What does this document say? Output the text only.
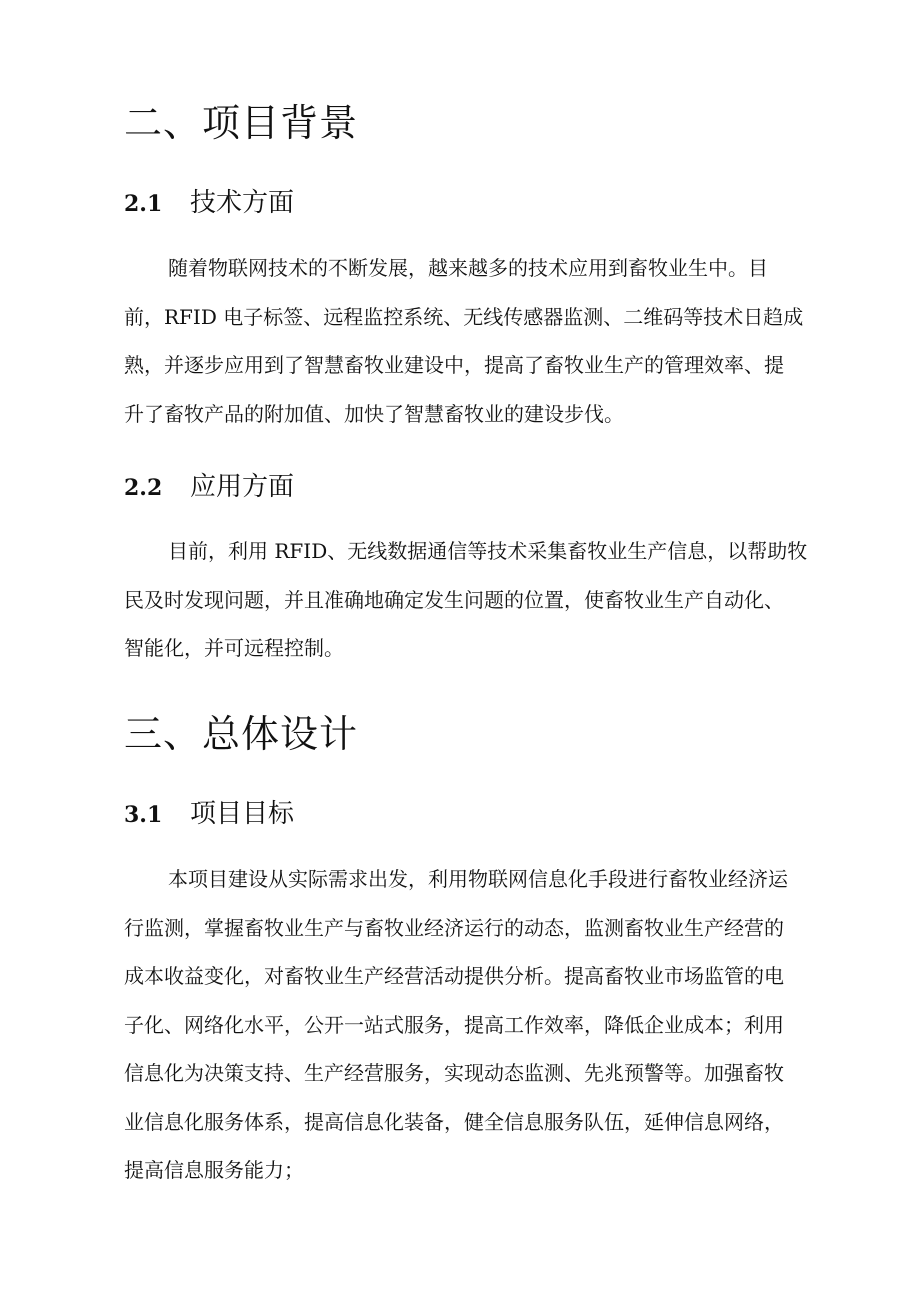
二、项目背景
2.1 技术方面
随着物联网技术的不断发展，越来越多的技术应用到畜牧业生中。目
前，RFID 电子标签、远程监控系统、无线传感器监测、二维码等技术日趋成
熟，并逐步应用到了智慧畜牧业建设中，提高了畜牧业生产的管理效率、提
升了畜牧产品的附加值、加快了智慧畜牧业的建设步伐。
2.2 应用方面
目前，利用 RFID、无线数据通信等技术采集畜牧业生产信息，以帮助牧
民及时发现问题，并且准确地确定发生问题的位置，使畜牧业生产自动化、
智能化，并可远程控制。
三、总体设计
3.1 项目目标
本项目建设从实际需求出发，利用物联网信息化手段进行畜牧业经济运
行监测，掌握畜牧业生产与畜牧业经济运行的动态，监测畜牧业生产经营的
成本收益变化，对畜牧业生产经营活动提供分析。提高畜牧业市场监管的电
子化、网络化水平，公开一站式服务，提高工作效率，降低企业成本；利用
信息化为决策支持、生产经营服务，实现动态监测、先兆预警等。加强畜牧
业信息化服务体系，提高信息化装备，健全信息服务队伍，延伸信息网络，
提高信息服务能力；
